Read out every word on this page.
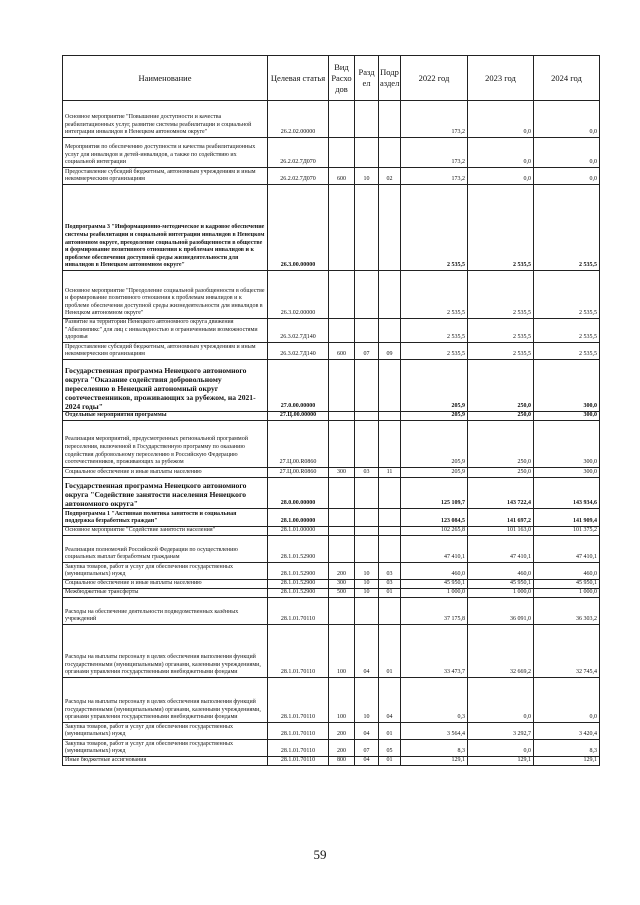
Наименование	Целевая статья	Вид Расхо дов	Разд ел	Подр аздел	2022 год	2023 год	2024 год
Основное мероприятие "Повышение доступности и качества реабилитационных услуг, развитие системы реабилитации и социальной интеграции инвалидов в Ненецком автономном округе"	26.2.02.00000				173,2	0,0	0,0
Мероприятия по обеспечению доступности и качества реабилитационных услуг для инвалидов и детей-инвалидов, а также по содействию их социальной интеграции	26.2.02.7Д070				173,2	0,0	0,0
Предоставление субсидий бюджетным, автономным учреждениям и иным некоммерческим организациям	26.2.02.7Д070	600	10	02	173,2	0,0	0,0
Подпрограмма 3 "Информационно-методическое и кадровое обеспечение системы реабилитации и социальной интеграции инвалидов в Ненецком автономном округе, преодоление социальной разобщенности в обществе и формирование позитивного отношения к проблемам инвалидов и к проблеме обеспечения доступной среды жизнедеятельности для инвалидов в Ненецком автономном округе"	26.3.00.00000				2 535,5	2 535,5	2 535,5
Основное мероприятие "Преодоление социальной разобщенности в обществе и формирование позитивного отношения к проблемам инвалидов и к проблеме обеспечения доступной среды жизнедеятельности для инвалидов в Ненецком автономном округе"	26.3.02.00000				2 535,5	2 535,5	2 535,5
Развитие на территории Ненецкого автономного округа движения "Абилимпикс" для лиц с инвалидностью и ограниченными возможностями здоровья	26.3.02.7Д140				2 535,5	2 535,5	2 535,5
Предоставление субсидий бюджетным, автономным учреждениям и иным некоммерческим организациям	26.3.02.7Д140	600	07	09	2 535,5	2 535,5	2 535,5
Государственная программа Ненецкого автономного округа "Оказание содействия добровольному переселению в Ненецкий автономный округ соотечественников, проживающих за рубежом, на 2021-2024 годы"	27.0.00.00000				205,9	250,0	300,0
Отдельные мероприятия программы	27.Ц.00.00000				205,9	250,0	300,0
Реализация мероприятий, предусмотренных региональной программой переселения, включенной в Государственную программу по оказанию содействия добровольному переселению в Российскую Федерацию соотечественников, проживающих за рубежом	27.Ц.00.R0860				205,9	250,0	300,0
Социальное обеспечение и иные выплаты населению	27.Ц.00.R0860	300	03	11	205,9	250,0	300,0
Государственная программа Ненецкого автономного округа "Содействие занятости населения Ненецкого автономного округа"	28.0.00.00000				125 109,7	143 722,4	143 934,6
Подпрограмма 1 "Активная политика занятости и социальная поддержка безработных граждан"	28.1.00.00000				123 084,5	141 697,2	141 909,4
Основное мероприятие "Содействие занятости населения"	28.1.01.00000				102 265,8	101 163,0	101 375,2
Реализация полномочий Российской Федерации по осуществлению социальных выплат безработным гражданам	28.1.01.52900				47 410,1	47 410,1	47 410,1
Закупка товаров, работ и услуг для обеспечения государственных (муниципальных) нужд	28.1.01.52900	200	10	03	460,0	460,0	460,0
Социальное обеспечение и иные выплаты населению	28.1.01.52900	300	10	03	45 950,1	45 950,1	45 950,1
Межбюджетные трансферты	28.1.01.52900	500	10	01	1 000,0	1 000,0	1 000,0
Расходы на обеспечение деятельности подведомственных казённых учреждений	28.1.01.70110				37 175,8	36 091,0	36 303,2
Расходы на выплаты персоналу в целях обеспечения выполнения функций государственными (муниципальными) органами, казенными учреждениями, органами управления государственными внебюджетными фондами	28.1.01.70110	100	04	01	33 473,7	32 669,2	32 745,4
Расходы на выплаты персоналу в целях обеспечения выполнения функций государственными (муниципальными) органами, казенными учреждениями, органами управления государственными внебюджетными фондами	28.1.01.70110	100	10	04	0,3	0,0	0,0
Закупка товаров, работ и услуг для обеспечения государственных (муниципальных) нужд	28.1.01.70110	200	04	01	3 564,4	3 292,7	3 420,4
Закупка товаров, работ и услуг для обеспечения государственных (муниципальных) нужд	28.1.01.70110	200	07	05	8,3	0,0	8,3
Иные бюджетные ассигнования	28.1.01.70110	800	04	01	129,1	129,1	129,1
59
